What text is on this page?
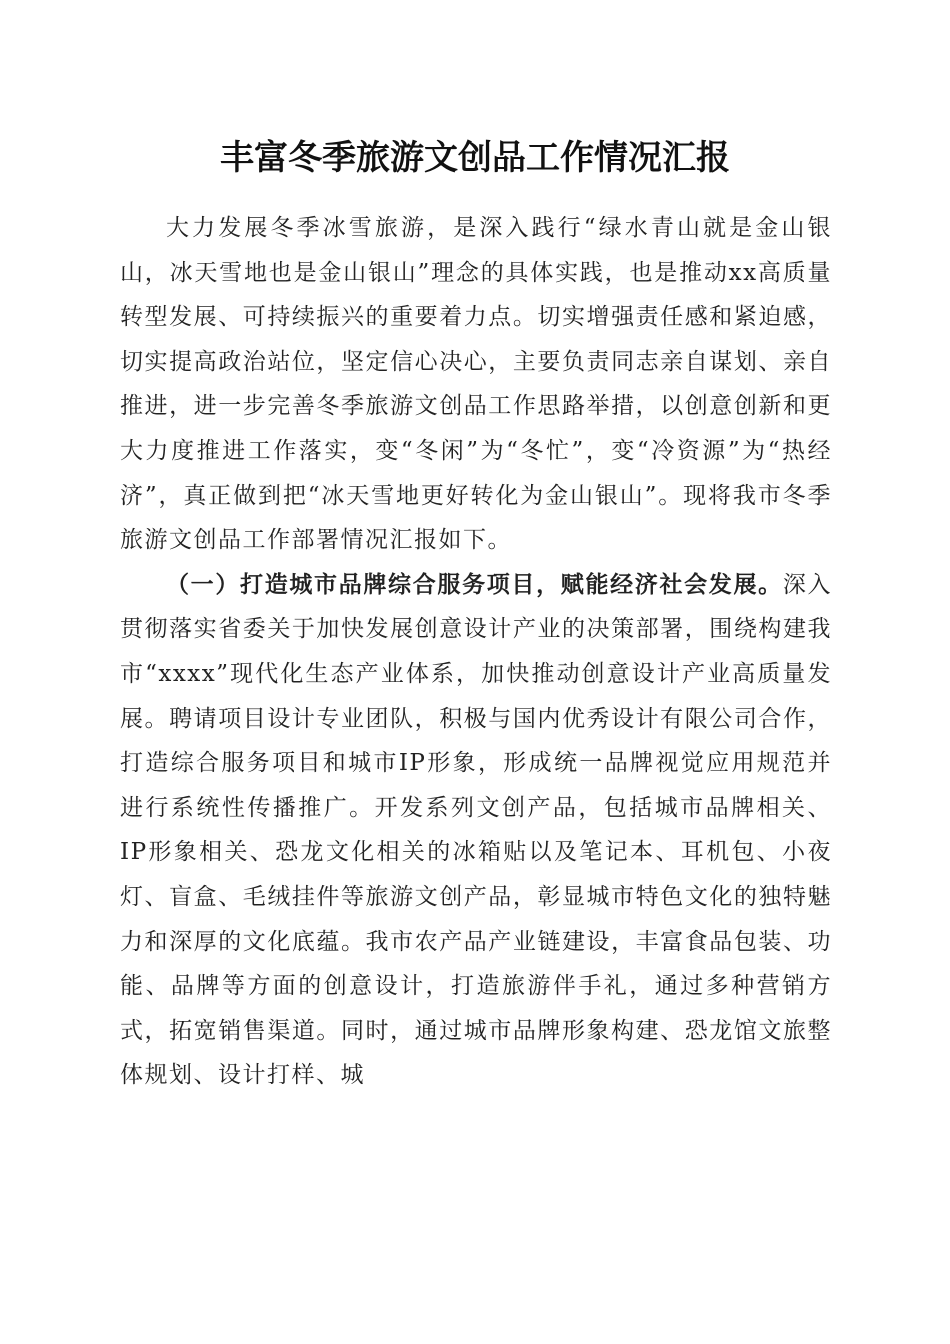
丰富冬季旅游文创品工作情况汇报

大力发展冬季冰雪旅游，是深入践行“绿水青山就是金山银山，冰天雪地也是金山银山”理念的具体实践，也是推动xx高质量转型发展、可持续振兴的重要着力点。切实增强责任感和紧迫感，切实提高政治站位，坚定信心决心，主要负责同志亲自谋划、亲自推进，进一步完善冬季旅游文创品工作思路举措，以创意创新和更大力度推进工作落实，变“冬闲”为“冬忙”，变“冷资源”为“热经济”，真正做到把“冰天雪地更好转化为金山银山”。现将我市冬季旅游文创品工作部署情况汇报如下。

（一）打造城市品牌综合服务项目，赋能经济社会发展。深入贯彻落实省委关于加快发展创意设计产业的决策部署，围绕构建我市“xxxx”现代化生态产业体系，加快推动创意设计产业高质量发展。聘请项目设计专业团队，积极与国内优秀设计有限公司合作，打造综合服务项目和城市IP形象，形成统一品牌视觉应用规范并进行系统性传播推广。开发系列文创产品，包括城市品牌相关、IP形象相关、恐龙文化相关的冰箱贴以及笔记本、耳机包、小夜灯、盲盒、毛绒挂件等旅游文创产品，彰显城市特色文化的独特魅力和深厚的文化底蕴。我市农产品产业链建设，丰富食品包装、功能、品牌等方面的创意设计，打造旅游伴手礼，通过多种营销方式，拓宽销售渠道。同时，通过城市品牌形象构建、恐龙馆文旅整体规划、设计打样、城
